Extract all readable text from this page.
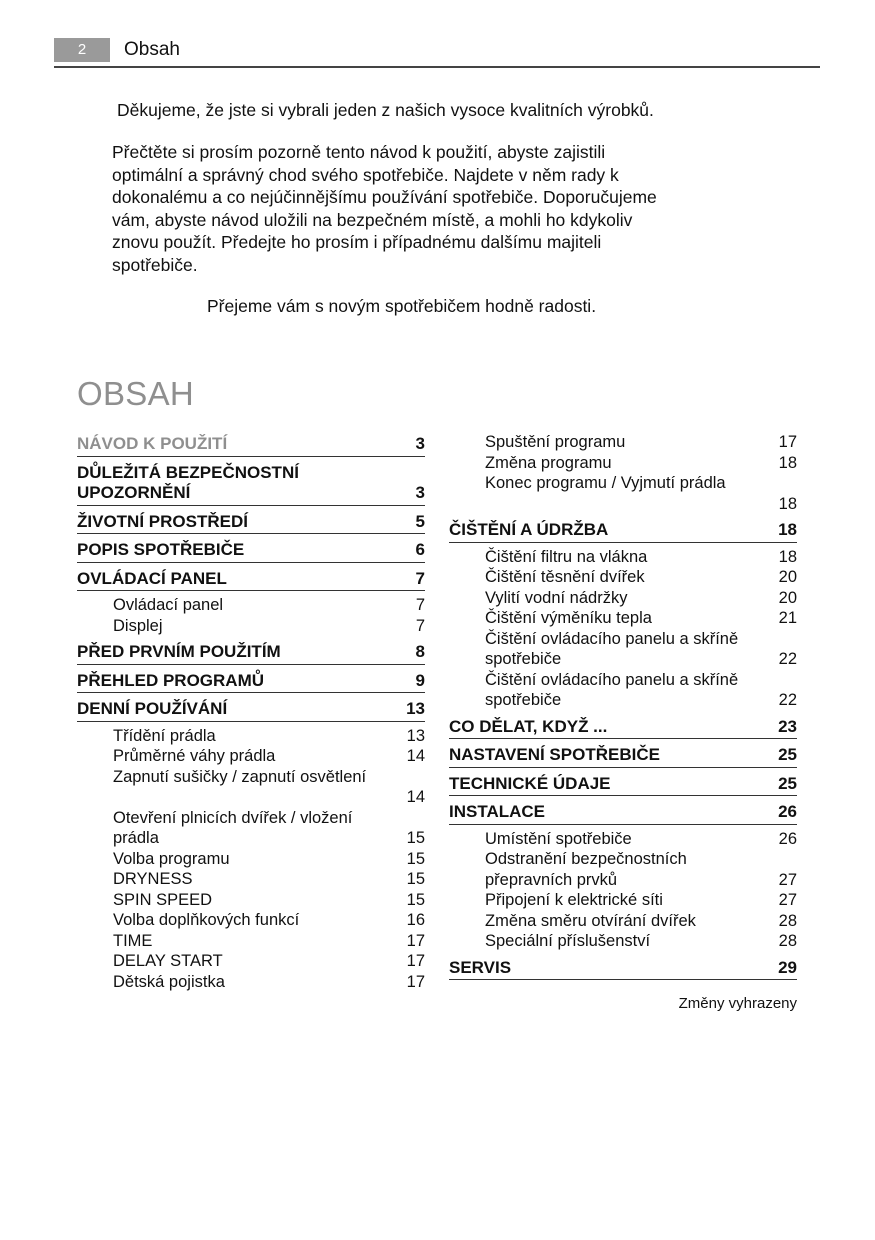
2	Obsah
Děkujeme, že jste si vybrali jeden z našich vysoce kvalitních výrobků.
Přečtěte si prosím pozorně tento návod k použití, abyste zajistili
optimální a správný chod svého spotřebiče. Najdete v něm rady k
dokonalému a co nejúčinnějšímu používání spotřebiče. Doporučujeme
vám, abyste návod uložili na bezpečném místě, a mohli ho kdykoliv
znovu použít. Předejte ho prosím i případnému dalšímu majiteli
spotřebiče.
Přejeme vám s novým spotřebičem hodně radosti.
OBSAH
NÁVOD K POUŽITÍ	3
DŮLEŽITÁ BEZPEČNOSTNÍ
UPOZORNĚNÍ	3
ŽIVOTNÍ PROSTŘEDÍ	5
POPIS SPOTŘEBIČE	6
OVLÁDACÍ PANEL	7
Ovládací panel	7
Displej	7
PŘED PRVNÍM POUŽITÍM	8
PŘEHLED PROGRAMŮ	9
DENNÍ POUŽÍVÁNÍ	13
Třídění prádla	13
Průměrné váhy prádla	14
Zapnutí sušičky / zapnutí osvětlení
14
Otevření plnicích dvířek / vložení
prádla	15
Volba programu	15
DRYNESS	15
SPIN SPEED	15
Volba doplňkových funkcí	16
TIME	17
DELAY START	17
Dětská pojistka	17
Spuštění programu	17
Změna programu	18
Konec programu / Vyjmutí prádla
18
ČIŠTĚNÍ A ÚDRŽBA	18
Čištění filtru na vlákna	18
Čištění těsnění dvířek	20
Vylití vodní nádržky	20
Čištění výměníku tepla	21
Čištění ovládacího panelu a skříně
spotřebiče	22
Čištění ovládacího panelu a skříně
spotřebiče	22
CO DĚLAT, KDYŽ ...	23
NASTAVENÍ SPOTŘEBIČE	25
TECHNICKÉ ÚDAJE	25
INSTALACE	26
Umístění spotřebiče	26
Odstranění bezpečnostních
přepravních prvků	27
Připojení k elektrické síti	27
Změna směru otvírání dvířek	28
Speciální příslušenství	28
SERVIS	29
Změny vyhrazeny
